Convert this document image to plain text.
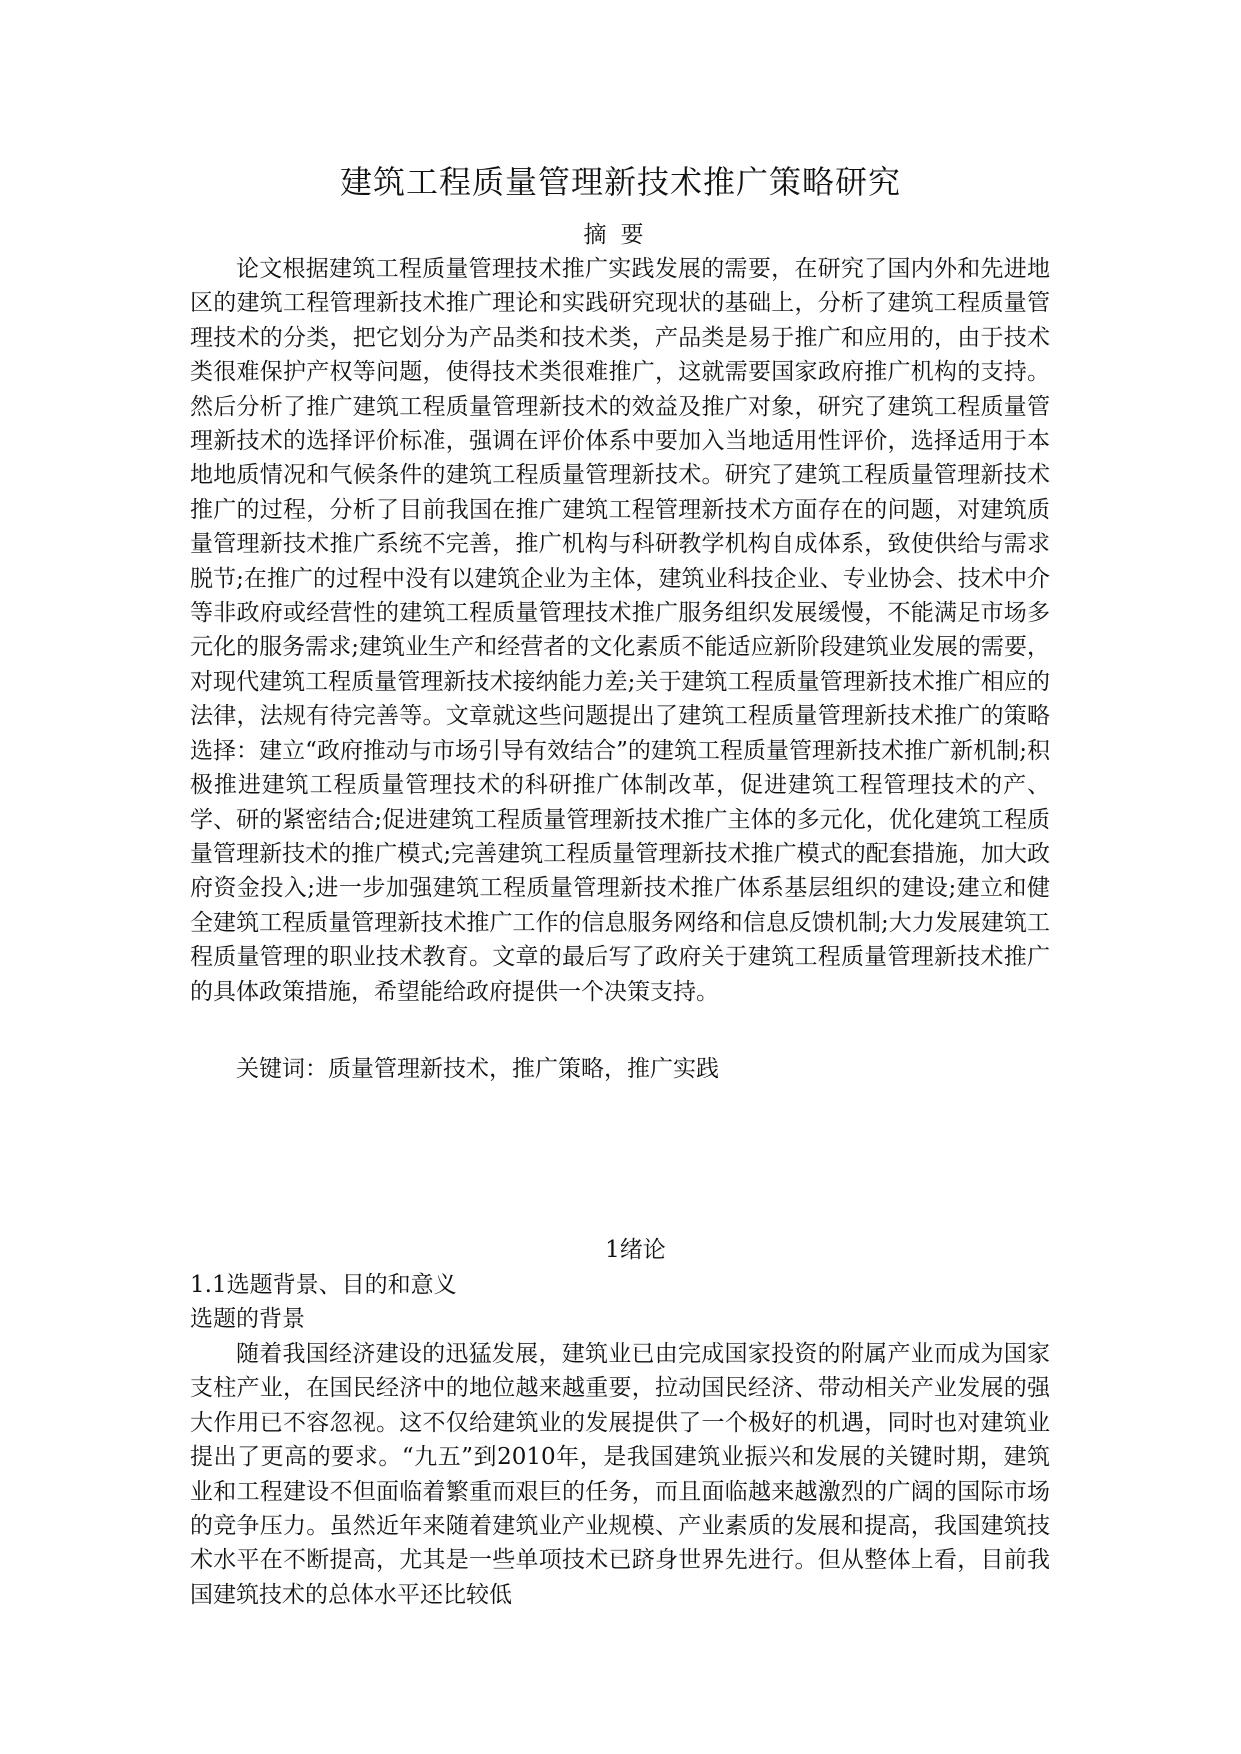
建筑工程质量管理新技术推广策略研究
摘要
论文根据建筑工程质量管理技术推广实践发展的需要，在研究了国内外和先进地区的建筑工程管理新技术推广理论和实践研究现状的基础上，分析了建筑工程质量管理技术的分类，把它划分为产品类和技术类，产品类是易于推广和应用的，由于技术类很难保护产权等问题，使得技术类很难推广，这就需要国家政府推广机构的支持。然后分析了推广建筑工程质量管理新技术的效益及推广对象，研究了建筑工程质量管理新技术的选择评价标准，强调在评价体系中要加入当地适用性评价，选择适用于本地地质情况和气候条件的建筑工程质量管理新技术。研究了建筑工程质量管理新技术推广的过程，分析了目前我国在推广建筑工程管理新技术方面存在的问题，对建筑质量管理新技术推广系统不完善，推广机构与科研教学机构自成体系，致使供给与需求脱节;在推广的过程中没有以建筑企业为主体，建筑业科技企业、专业协会、技术中介等非政府或经营性的建筑工程质量管理技术推广服务组织发展缓慢，不能满足市场多元化的服务需求;建筑业生产和经营者的文化素质不能适应新阶段建筑业发展的需要，对现代建筑工程质量管理新技术接纳能力差;关于建筑工程质量管理新技术推广相应的法律，法规有待完善等。文章就这些问题提出了建筑工程质量管理新技术推广的策略选择：建立“政府推动与市场引导有效结合”的建筑工程质量管理新技术推广新机制;积极推进建筑工程质量管理技术的科研推广体制改革，促进建筑工程管理技术的产、学、研的紧密结合;促进建筑工程质量管理新技术推广主体的多元化，优化建筑工程质量管理新技术的推广模式;完善建筑工程质量管理新技术推广模式的配套措施，加大政府资金投入;进一步加强建筑工程质量管理新技术推广体系基层组织的建设;建立和健全建筑工程质量管理新技术推广工作的信息服务网络和信息反馈机制;大力发展建筑工程质量管理的职业技术教育。文章的最后写了政府关于建筑工程质量管理新技术推广的具体政策措施，希望能给政府提供一个决策支持。
关键词：质量管理新技术，推广策略，推广实践
1绪论
1.1选题背景、目的和意义
选题的背景
随着我国经济建设的迅猛发展，建筑业已由完成国家投资的附属产业而成为国家支柱产业，在国民经济中的地位越来越重要，拉动国民经济、带动相关产业发展的强大作用已不容忽视。这不仅给建筑业的发展提供了一个极好的机遇，同时也对建筑业提出了更高的要求。“九五”到2010年，是我国建筑业振兴和发展的关键时期，建筑业和工程建设不但面临着繁重而艰巨的任务，而且面临越来越激烈的广阔的国际市场的竞争压力。虽然近年来随着建筑业产业规模、产业素质的发展和提高，我国建筑技术水平在不断提高，尤其是一些单项技术已跻身世界先进行。但从整体上看，目前我国建筑技术的总体水平还比较低
